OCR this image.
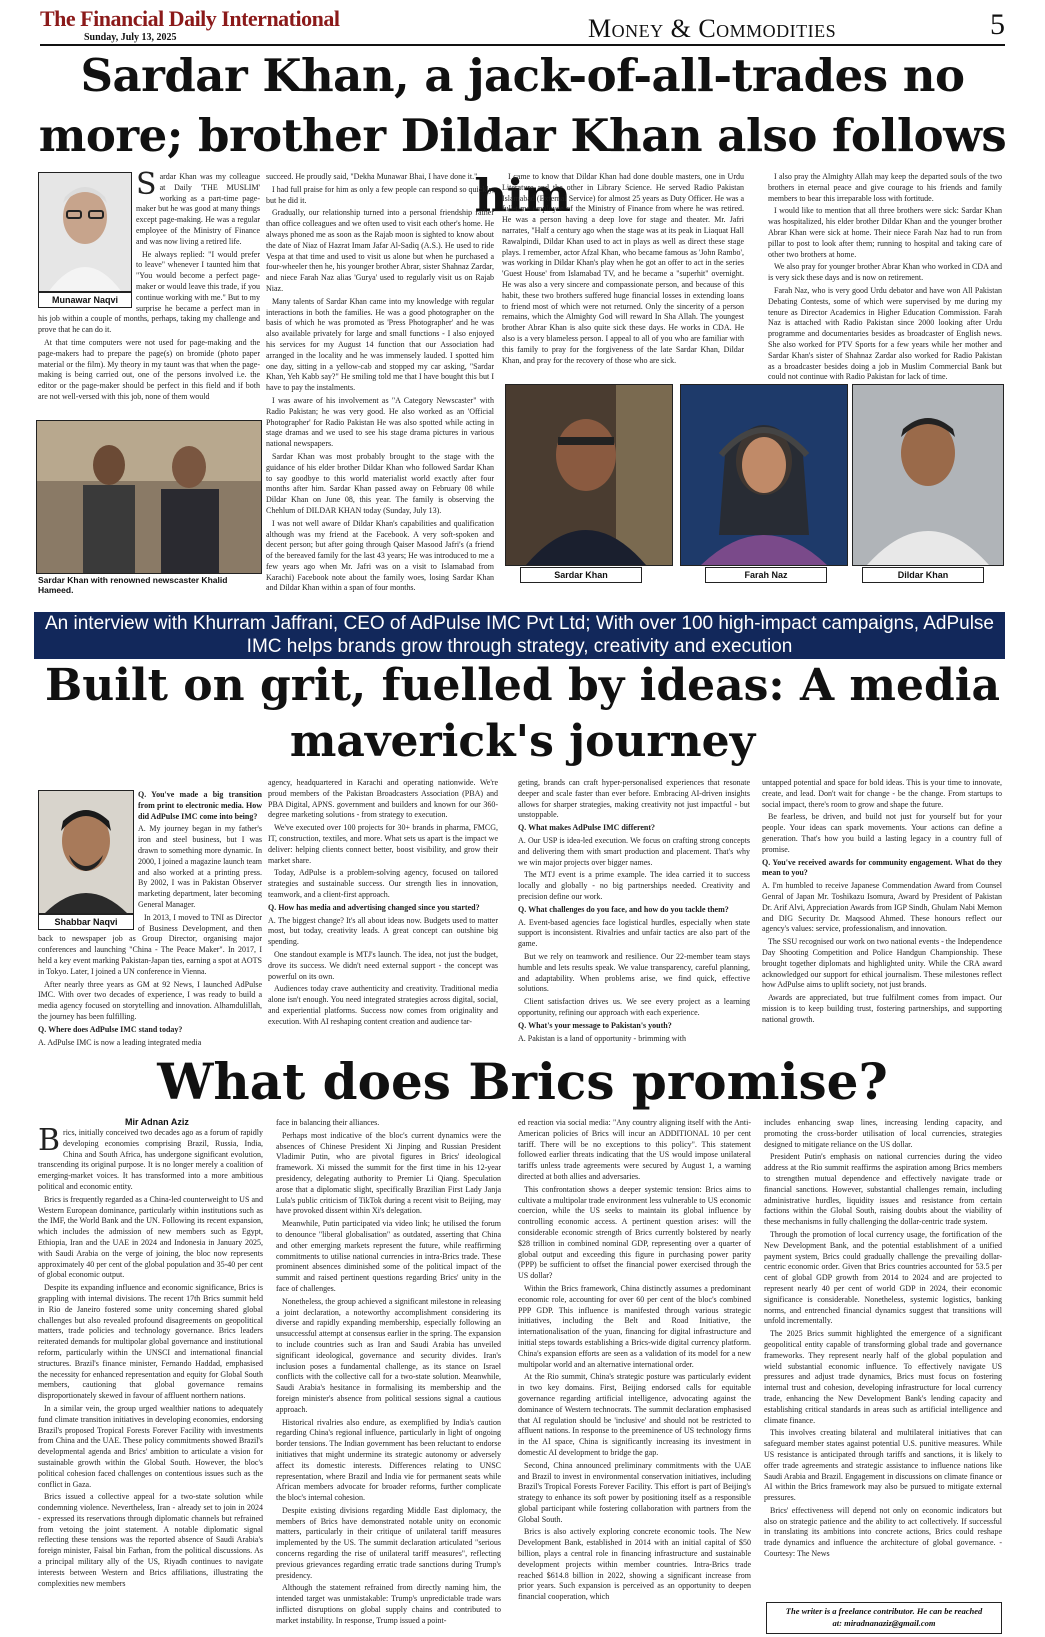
The Financial Daily International
Sunday, July 13, 2025	Money & Commodities	5
Sardar Khan, a jack-of-all-trades no more; brother Dildar Khan also follows him
Munawar Naqvi

Sardar Khan was my colleague at Daily 'THE MUSLIM' working as a part-time page-maker but he was good at many things except page-making. He was a regular employee of the Ministry of Finance and was now living a retired life.

He always replied: "I would prefer to leave" whenever I taunted him that "You would become a perfect page-maker or would leave this trade, if you continue working with me." But to my surprise he became a perfect man in his job within a couple of months, perhaps, taking my challenge and prove that he can do it.

At that time computers were not used for page-making and the page-makers had to prepare the page(s) on bromide (photo paper material or the film). My theory in my taunt was that when the page-making is being carried out, one of the persons involved i.e. the editor or the page-maker should be perfect in this field and if both are not well-versed with this job, none of them would

Sardar Khan with renowned newscaster Khalid Hameed.

succeed. He proudly said, "Dekha Munawar Bhai, I have done it."

I had full praise for him as only a few people can respond so quickly, but he did it.

Gradually, our relationship turned into a personal friendship rather than office colleagues and we often used to visit each other's home. He always phoned me as soon as the Rajab moon is sighted to know about the date of Niaz of Hazrat Imam Jafar Al-Sadiq (A.S.). He used to ride Vespa at that time and used to visit us alone but when he purchased a four-wheeler then he, his younger brother Abrar, sister Shahnaz Zardar, and niece Farah Naz alias 'Gurya' used to regularly visit us on Rajab Niaz.

Many talents of Sardar Khan came into my knowledge with regular interactions in both the families. He was a good photographer on the basis of which he was promoted as 'Press Photographer' and he was also available privately for large and small functions - I also enjoyed his services for my August 14 function that our Association had arranged in the locality and he was immensely lauded. I spotted him one day, sitting in a yellow-cab and stopped my car asking, "Sardar Khan, Yeh Kabb say?" He smiling told me that I have bought this but I have to pay the instalments.

I was aware of his involvement as "A Category Newscaster" with Radio Pakistan; he was very good. He also worked as an 'Official Photographer' for Radio Pakistan He was also spotted while acting in stage dramas and we used to see his stage drama pictures in various national newspapers.

Sardar Khan was most probably brought to the stage with the guidance of his elder brother Dildar Khan who followed Sardar Khan to say goodbye to this world materialist world exactly after four months after him. Sardar Khan passed away on February 08 while Dildar Khan on June 08, this year. The family is observing the Chehlum of DILDAR KHAN today (Sunday, July 13).

I was not well aware of Dildar Khan's capabilities and qualification although was my friend at the Facebook. A very soft-spoken and decent person; but after going through Qaiser Masood Jafri's (a friend of the bereaved family for the last 43 years; He was introduced to me a few years ago when Mr. Jafri was on a visit to Islamabad from Karachi) Facebook note about the family woes, losing Sardar Khan and Dildar Khan within a span of four months.

I came to know that Dildar Khan had done double masters, one in Urdu Literature and the other in Library Science. He served Radio Pakistan Islamabad (External Service) for almost 25 years as Duty Officer. He was a full-time employee of the Ministry of Finance from where he was retired. He was a person having a deep love for stage and theater. Mr. Jafri narrates, "Half a century ago when the stage was at its peak in Liaquat Hall Rawalpindi, Dildar Khan used to act in plays as well as direct these stage plays. I remember, actor Afzal Khan, who became famous as 'John Rambo', was working in Dildar Khan's play when he got an offer to act in the series 'Guest House' from Islamabad TV, and he became a "superhit" overnight. He was also a very sincere and compassionate person, and because of this habit, these two brothers suffered huge financial losses in extending loans to friend most of which were not returned. Only the sincerity of a person remains, which the Almighty God will reward In Sha Allah. The youngest brother Abrar Khan is also quite sick these days. He works in CDA. He also is a very blameless person. I appeal to all of you who are familiar with this family to pray for the forgiveness of the late Sardar Khan, Dildar Khan, and pray for the recovery of those who are sick.

I also pray the Almighty Allah may keep the departed souls of the two brothers in eternal peace and give courage to his friends and family members to bear this irreparable loss with fortitude.

I would like to mention that all three brothers were sick: Sardar Khan was hospitalized, his elder brother Dildar Khan and the younger brother Abrar Khan were sick at home. Their niece Farah Naz had to run from pillar to post to look after them; running to hospital and taking care of other two brothers at home.

We also pray for younger brother Abrar Khan who worked in CDA and is very sick these days and is now on retirement.

Farah Naz, who is very good Urdu debator and have won All Pakistan Debating Contests, some of which were supervised by me during my tenure as Director Academics in Higher Education Commission. Farah Naz is attached with Radio Pakistan since 2000 looking after Urdu programme and documentaries besides as broadcaster of English news. She also worked for PTV Sports for a few years while her mother and Sardar Khan's sister of Shahnaz Zardar also worked for Radio Pakistan as a broadcaster besides doing a job in Muslim Commercial Bank but could not continue with Radio Pakistan for lack of time.

Sardar Khan	Farah Naz	Dildar Khan
An interview with Khurram Jaffrani, CEO of AdPulse IMC Pvt Ltd; With over 100 high-impact campaigns, AdPulse IMC helps brands grow through strategy, creativity and execution
Built on grit, fuelled by ideas: A media maverick's journey
Shabbar Naqvi

Q. You've made a big transition from print to electronic media. How did AdPulse IMC come into being?

A. My journey began in my father's iron and steel business, but I was drawn to something more dynamic. In 2000, I joined a magazine launch team and also worked at a printing press. By 2002, I was in Pakistan Observer marketing department, later becoming General Manager.

In 2013, I moved to TNI as Director of Business Development, and then back to newspaper job as Group Director, organising major conferences and launching "China - The Peace Maker". In 2017, I held a key event marking Pakistan-Japan ties, earning a spot at AOTS in Tokyo. Later, I joined a UN conference in Vienna.

After nearly three years as GM at 92 News, I launched AdPulse IMC. With over two decades of experience, I was ready to build a media agency focused on storytelling and innovation. Alhamdulillah, the journey has been fulfilling.

Q. Where does AdPulse IMC stand today?

A. AdPulse IMC is now a leading integrated media

agency, headquartered in Karachi and operating nationwide. We're proud members of the Pakistan Broadcasters Association (PBA) and PBA Digital, APNS. government and builders and known for our 360-degree marketing solutions - from strategy to execution.

We've executed over 100 projects for 30+ brands in pharma, FMCG, IT, construction, textiles, and more. What sets us apart is the impact we deliver: helping clients connect better, boost visibility, and grow their market share.

Today, AdPulse is a problem-solving agency, focused on tailored strategies and sustainable success. Our strength lies in innovation, teamwork, and a client-first approach.

Q. How has media and advertising changed since you started?

A. The biggest change? It's all about ideas now. Budgets used to matter most, but today, creativity leads. A great concept can outshine big spending.

One standout example is MTJ's launch. The idea, not just the budget, drove its success. We didn't need external support - the concept was powerful on its own.

Audiences today crave authenticity and creativity. Traditional media alone isn't enough. You need integrated strategies across digital, social, and experiential platforms. Success now comes from originality and execution. With AI reshaping content creation and audience tar-

geting, brands can craft hyper-personalised experiences that resonate deeper and scale faster than ever before. Embracing AI-driven insights allows for sharper strategies, making creativity not just impactful - but unstoppable.

Q. What makes AdPulse IMC different?

A. Our USP is idea-led execution. We focus on crafting strong concepts and delivering them with smart production and placement. That's why we win major projects over bigger names.

The MTJ event is a prime example. The idea carried it to success locally and globally - no big partnerships needed. Creativity and precision define our work.

Q. What challenges do you face, and how do you tackle them?

A. Event-based agencies face logistical hurdles, especially when state support is inconsistent. Rivalries and unfair tactics are also part of the game.

But we rely on teamwork and resilience. Our 22-member team stays humble and lets results speak. We value transparency, careful planning, and adaptability. When problems arise, we find quick, effective solutions.

Client satisfaction drives us. We see every project as a learning opportunity, refining our approach with each experience.

Q. What's your message to Pakistan's youth?

A. Pakistan is a land of opportunity - brimming with

untapped potential and space for bold ideas. This is your time to innovate, create, and lead. Don't wait for change - be the change. From startups to social impact, there's room to grow and shape the future.

Be fearless, be driven, and build not just for yourself but for your people. Your ideas can spark movements. Your actions can define a generation. That's how you build a lasting legacy in a country full of promise.

Q. You've received awards for community engagement. What do they mean to you?

A. I'm humbled to receive Japanese Commendation Award from Counsel Genral of Japan Mr. Toshikazu Isomura, Award by President of Pakistan Dr. Arif Alvi, Appreciation Awards from IGP Sindh, Ghulam Nabi Memon and DIG Security Dr. Maqsood Ahmed. These honours reflect our agency's values: service, professionalism, and innovation.

The SSU recognised our work on two national events - the Independence Day Shooting Competition and Police Handgun Championship. These brought together diplomats and highlighted unity. While the CRA award acknowledged our support for ethical journalism. These milestones reflect how AdPulse aims to uplift society, not just brands.

Awards are appreciated, but true fulfilment comes from impact. Our mission is to keep building trust, fostering partnerships, and supporting national growth.

What does Brics promise?
Mir Adnan Aziz

Brics, initially conceived two decades ago as a forum of rapidly developing economies comprising Brazil, Russia, India, China and South Africa, has undergone significant evolution, transcending its original purpose. It is no longer merely a coalition of emerging-market voices. It has transformed into a more ambitious political and economic entity.

Brics is frequently regarded as a China-led counterweight to US and Western European dominance, particularly within institutions such as the IMF, the World Bank and the UN. Following its recent expansion, which includes the admission of new members such as Egypt, Ethiopia, Iran and the UAE in 2024 and Indonesia in January 2025, with Saudi Arabia on the verge of joining, the bloc now represents approximately 40 per cent of the global population and 35-40 per cent of global economic output.

Despite its expanding influence and economic significance, Brics is grappling with internal divisions. The recent 17th Brics summit held in Rio de Janeiro fostered some unity concerning shared global challenges but also revealed profound disagreements on geopolitical matters, trade policies and technology governance. Brics leaders reiterated demands for multipolar global governance and institutional reform, particularly within the UNSCI and international financial structures. Brazil's finance minister, Fernando Haddad, emphasised the necessity for enhanced representation and equity for Global South members, cautioning that global governance remains disproportionately skewed in favour of affluent northern nations.

In a similar vein, the group urged wealthier nations to adequately fund climate transition initiatives in developing economies, endorsing Brazil's proposed Tropical Forests Forever Facility with investments from China and the UAE. These policy commitments showed Brazil's developmental agenda and Brics' ambition to articulate a vision for sustainable growth within the Global South. However, the bloc's political cohesion faced challenges on contentious issues such as the conflict in Gaza.

Brics issued a collective appeal for a two-state solution while condemning violence. Nevertheless, Iran - already set to join in 2024 - expressed its reservations through diplomatic channels but refrained from vetoing the joint statement. A notable diplomatic signal reflecting these tensions was the reported absence of Saudi Arabia's foreign minister, Faisal bin Farhan, from the political discussions. As a principal military ally of the US, Riyadh continues to navigate interests between Western and Brics affiliations, illustrating the complexities new members

face in balancing their alliances.

Perhaps most indicative of the bloc's current dynamics were the absences of Chinese President Xi Jinping and Russian President Vladimir Putin, who are pivotal figures in Brics' ideological framework. Xi missed the summit for the first time in his 12-year presidency, delegating authority to Premier Li Qiang. Speculation arose that a diplomatic slight, specifically Brazilian First Lady Janja Lula's public criticism of TikTok during a recent visit to Beijing, may have provoked dissent within Xi's delegation.

Meanwhile, Putin participated via video link; he utilised the forum to denounce "liberal globalisation" as outdated, asserting that China and other emerging markets represent the future, while reaffirming commitments to utilise national currencies in intra-Brics trade. These prominent absences diminished some of the political impact of the summit and raised pertinent questions regarding Brics' unity in the face of challenges.

Nonetheless, the group achieved a significant milestone in releasing a joint declaration, a noteworthy accomplishment considering its diverse and rapidly expanding membership, especially following an unsuccessful attempt at consensus earlier in the spring. The expansion to include countries such as Iran and Saudi Arabia has unveiled significant ideological, governance and security divides. Iran's inclusion poses a fundamental challenge, as its stance on Israel conflicts with the collective call for a two-state solution. Meanwhile, Saudi Arabia's hesitance in formalising its membership and the foreign minister's absence from political sessions signal a cautious approach.

Historical rivalries also endure, as exemplified by India's caution regarding China's regional influence, particularly in light of ongoing border tensions. The Indian government has been reluctant to endorse initiatives that might undermine its strategic autonomy or adversely affect its domestic interests. Differences relating to UNSC representation, where Brazil and India vie for permanent seats while African members advocate for broader reforms, further complicate the bloc's internal cohesion.

Despite existing divisions regarding Middle East diplomacy, the members of Brics have demonstrated notable unity on economic matters, particularly in their critique of unilateral tariff measures implemented by the US. The summit declaration articulated "serious concerns regarding the rise of unilateral tariff measures", reflecting previous grievances regarding erratic trade sanctions during Trump's presidency.

Although the statement refrained from directly naming him, the intended target was unmistakable: Trump's unpredictable trade wars inflicted disruptions on global supply chains and contributed to market instability. In response, Trump issued a point-

ed reaction via social media: "Any country aligning itself with the Anti-American policies of Brics will incur an ADDITIONAL 10 per cent tariff. There will be no exceptions to this policy". This statement followed earlier threats indicating that the US would impose unilateral tariffs unless trade agreements were secured by August 1, a warning directed at both allies and adversaries.

This confrontation shows a deeper systemic tension: Brics aims to cultivate a multipolar trade environment less vulnerable to US economic coercion, while the US seeks to maintain its global influence by controlling economic access. A pertinent question arises: will the considerable economic strength of Brics currently bolstered by nearly $28 trillion in combined nominal GDP, representing over a quarter of global output and exceeding this figure in purchasing power parity (PPP) be sufficient to offset the financial power exercised through the US dollar?

Within the Brics framework, China distinctly assumes a predominant economic role, accounting for over 60 per cent of the bloc's combined PPP GDP. This influence is manifested through various strategic initiatives, including the Belt and Road Initiative, the internationalisation of the yuan, financing for digital infrastructure and initial steps towards establishing a Brics-wide digital currency platform. China's expansion efforts are seen as a validation of its model for a new multipolar world and an alternative international order.

At the Rio summit, China's strategic posture was particularly evident in two key domains. First, Beijing endorsed calls for equitable governance regarding artificial intelligence, advocating against the dominance of Western technocrats. The summit declaration emphasised that AI regulation should be 'inclusive' and should not be restricted to affluent nations. In response to the preeminence of US technology firms in the AI space, China is significantly increasing its investment in domestic AI development to bridge the gap.

Second, China announced preliminary commitments with the UAE and Brazil to invest in environmental conservation initiatives, including Brazil's Tropical Forests Forever Facility. This effort is part of Beijing's strategy to enhance its soft power by positioning itself as a responsible global participant while fostering collaboration with partners from the Global South.

Brics is also actively exploring concrete economic tools. The New Development Bank, established in 2014 with an initial capital of $50 billion, plays a central role in financing infrastructure and sustainable development projects within member countries. Intra-Brics trade reached $614.8 billion in 2022, showing a significant increase from prior years. Such expansion is perceived as an opportunity to deepen financial cooperation, which

includes enhancing swap lines, increasing lending capacity, and promoting the cross-border utilisation of local currencies, strategies designed to mitigate reliance on the US dollar.

President Putin's emphasis on national currencies during the video address at the Rio summit reaffirms the aspiration among Brics members to strengthen mutual dependence and effectively navigate trade or financial sanctions. However, substantial challenges remain, including administrative hurdles, liquidity issues and resistance from certain factions within the Global South, raising doubts about the viability of these mechanisms in fully challenging the dollar-centric trade system.

Through the promotion of local currency usage, the fortification of the New Development Bank, and the potential establishment of a unified payment system, Brics could gradually challenge the prevailing dollar-centric economic order. Given that Brics countries accounted for 53.5 per cent of global GDP growth from 2014 to 2024 and are projected to represent nearly 40 per cent of world GDP in 2024, their economic significance is considerable. Nonetheless, systemic logistics, banking norms, and entrenched financial dynamics suggest that transitions will unfold incrementally.

The 2025 Brics summit highlighted the emergence of a significant geopolitical entity capable of transforming global trade and governance frameworks. They represent nearly half of the global population and wield substantial economic influence. To effectively navigate US pressures and adjust trade dynamics, Brics must focus on fostering internal trust and cohesion, developing infrastructure for local currency trade, enhancing the New Development Bank's lending capacity and establishing critical standards in areas such as artificial intelligence and climate finance.

This involves creating bilateral and multilateral initiatives that can safeguard member states against potential U.S. punitive measures. While US resistance is anticipated through tariffs and sanctions, it is likely to offer trade agreements and strategic assistance to influence nations like Saudi Arabia and Brazil. Engagement in discussions on climate finance or AI within the Brics framework may also be pursued to mitigate external pressures.

Brics' effectiveness will depend not only on economic indicators but also on strategic patience and the ability to act collectively. If successful in translating its ambitions into concrete actions, Brics could reshape trade dynamics and influence the architecture of global governance. -Courtesy: The News

The writer is a freelance contributor. He can be reached
at: miradnanaziz@gmail.com
